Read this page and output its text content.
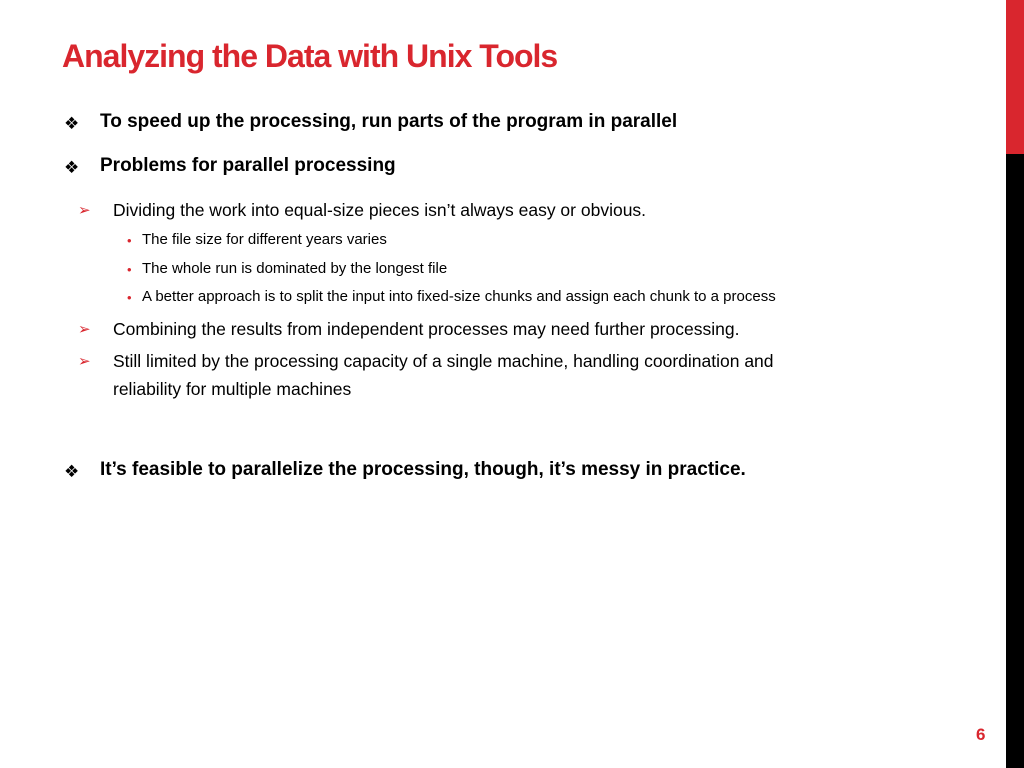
Analyzing the Data with Unix Tools
❖ To speed up the processing, run parts of the program in parallel
❖ Problems for parallel processing
➢ Dividing the work into equal-size pieces isn’t always easy or obvious.
• The file size for different years varies
• The whole run is dominated by the longest file
• A better approach is to split the input into fixed-size chunks and assign each chunk to a process
➢ Combining the results from independent processes may need further processing.
➢ Still limited by the processing capacity of a single machine, handling coordination and
reliability for multiple machines
❖ It’s feasible to parallelize the processing, though, it’s messy in practice.
6
